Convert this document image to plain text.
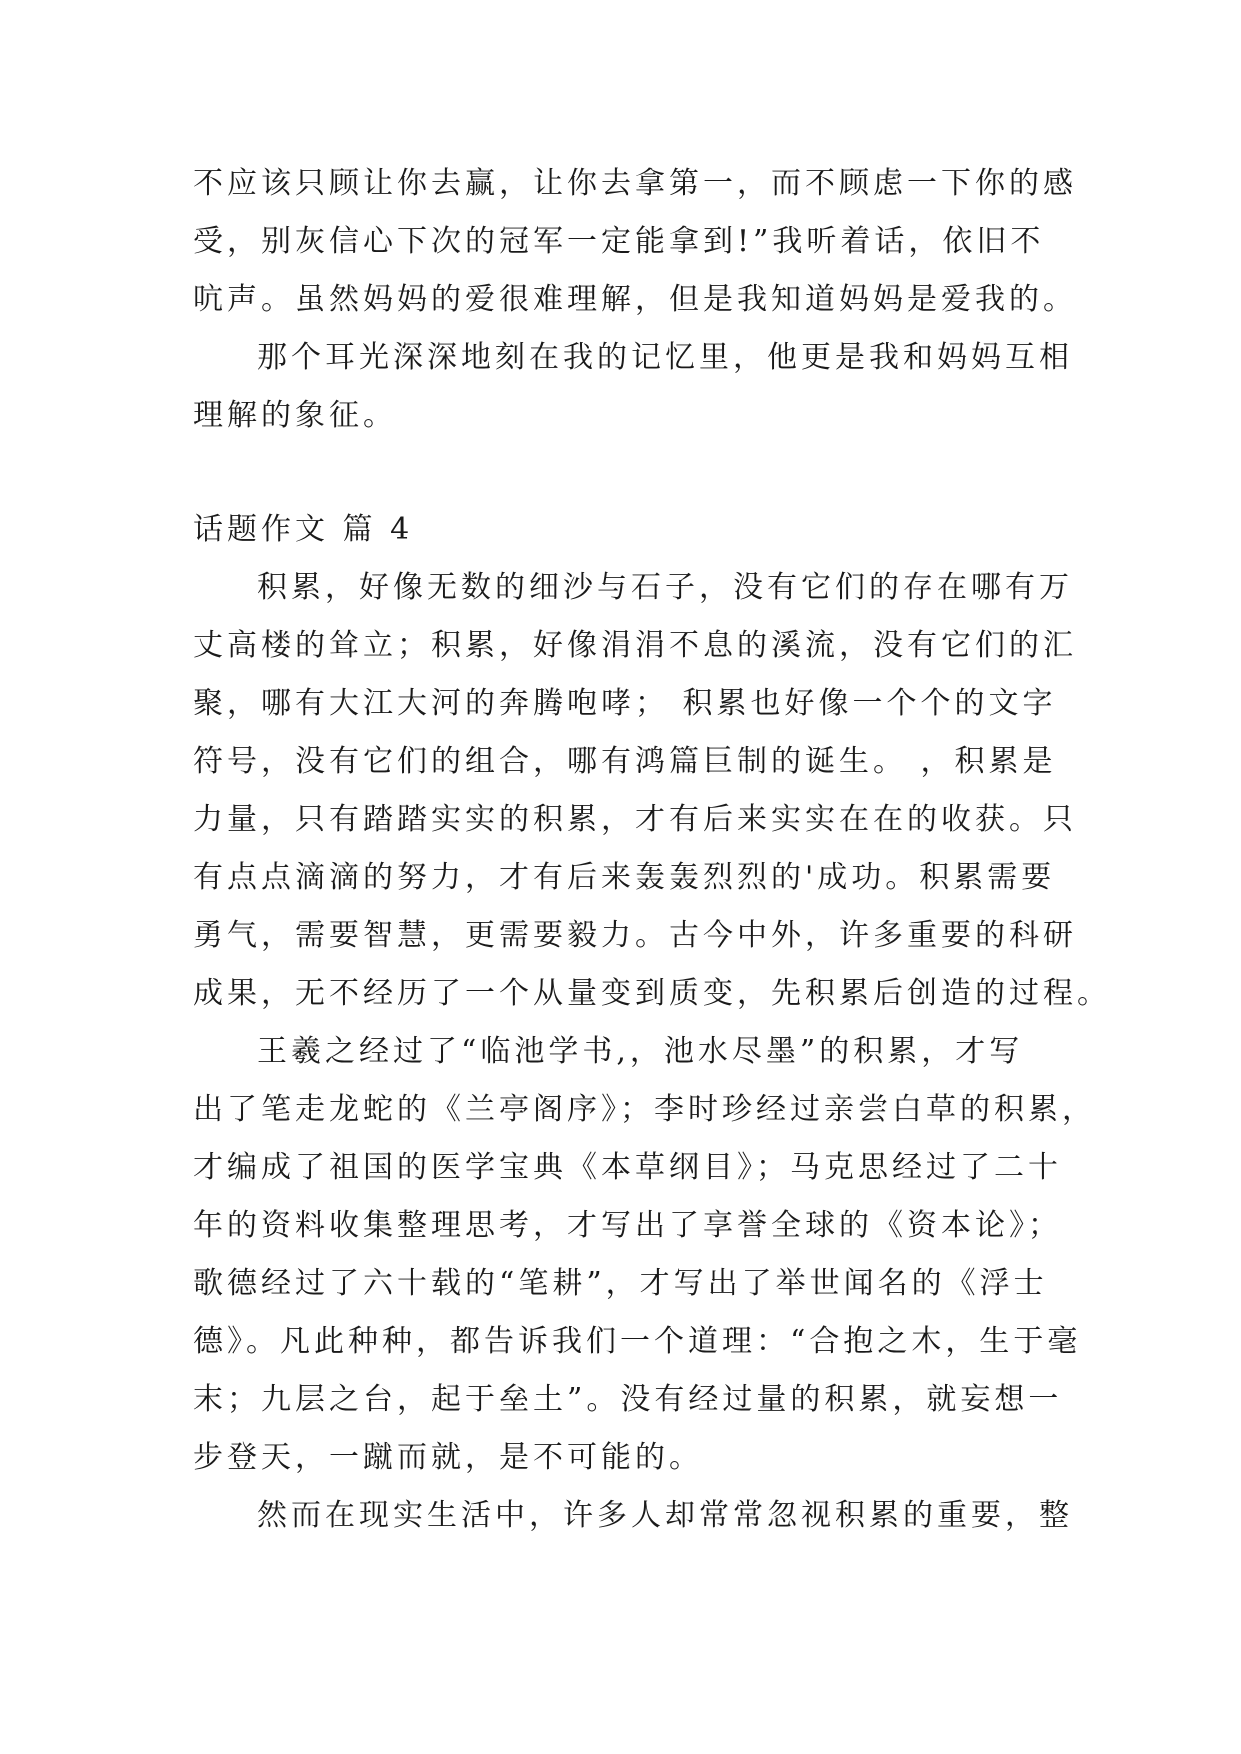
不应该只顾让你去赢，让你去拿第一，而不顾虑一下你的感
受，别灰信心下次的冠军一定能拿到!”我听着话，依旧不
吭声。虽然妈妈的爱很难理解，但是我知道妈妈是爱我的。
那个耳光深深地刻在我的记忆里，他更是我和妈妈互相
理解的象征。
话题作文 篇 4
积累，好像无数的细沙与石子，没有它们的存在哪有万
丈高楼的耸立；积累，好像涓涓不息的溪流，没有它们的汇
聚，哪有大江大河的奔腾咆哮； 积累也好像一个个的文字
符号，没有它们的组合，哪有鸿篇巨制的诞生。 ，积累是
力量，只有踏踏实实的积累，才有后来实实在在的收获。只
有点点滴滴的努力，才有后来轰轰烈烈的'成功。积累需要
勇气，需要智慧，更需要毅力。古今中外，许多重要的科研
成果，无不经历了一个从量变到质变，先积累后创造的过程。
王羲之经过了“临池学书,，池水尽墨”的积累，才写
出了笔走龙蛇的《兰亭阁序》；李时珍经过亲尝白草的积累，
才编成了祖国的医学宝典《本草纲目》；马克思经过了二十
年的资料收集整理思考，才写出了享誉全球的《资本论》；
歌德经过了六十载的“笔耕”，才写出了举世闻名的《浮士
德》。凡此种种，都告诉我们一个道理：“合抱之木，生于毫
末；九层之台，起于垒土”。没有经过量的积累，就妄想一
步登天，一蹴而就，是不可能的。
然而在现实生活中，许多人却常常忽视积累的重要，整
